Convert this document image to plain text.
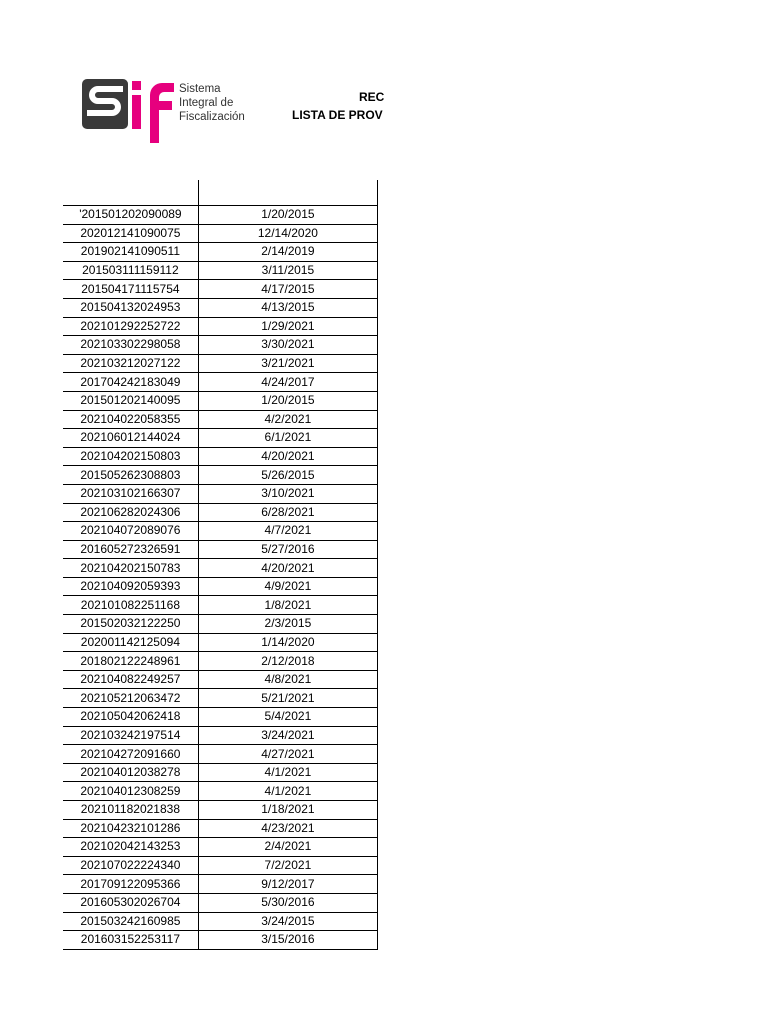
Sistema
Integral de
Fiscalización
REC
LISTA DE PROV
'201501202090089	1/20/2015
202012141090075	12/14/2020
201902141090511	2/14/2019
201503111159112	3/11/2015
201504171115754	4/17/2015
201504132024953	4/13/2015
202101292252722	1/29/2021
202103302298058	3/30/2021
202103212027122	3/21/2021
201704242183049	4/24/2017
201501202140095	1/20/2015
202104022058355	4/2/2021
202106012144024	6/1/2021
202104202150803	4/20/2021
201505262308803	5/26/2015
202103102166307	3/10/2021
202106282024306	6/28/2021
202104072089076	4/7/2021
201605272326591	5/27/2016
202104202150783	4/20/2021
202104092059393	4/9/2021
202101082251168	1/8/2021
201502032122250	2/3/2015
202001142125094	1/14/2020
201802122248961	2/12/2018
202104082249257	4/8/2021
202105212063472	5/21/2021
202105042062418	5/4/2021
202103242197514	3/24/2021
202104272091660	4/27/2021
202104012038278	4/1/2021
202104012308259	4/1/2021
202101182021838	1/18/2021
202104232101286	4/23/2021
202102042143253	2/4/2021
202107022224340	7/2/2021
201709122095366	9/12/2017
201605302026704	5/30/2016
201503242160985	3/24/2015
201603152253117	3/15/2016
